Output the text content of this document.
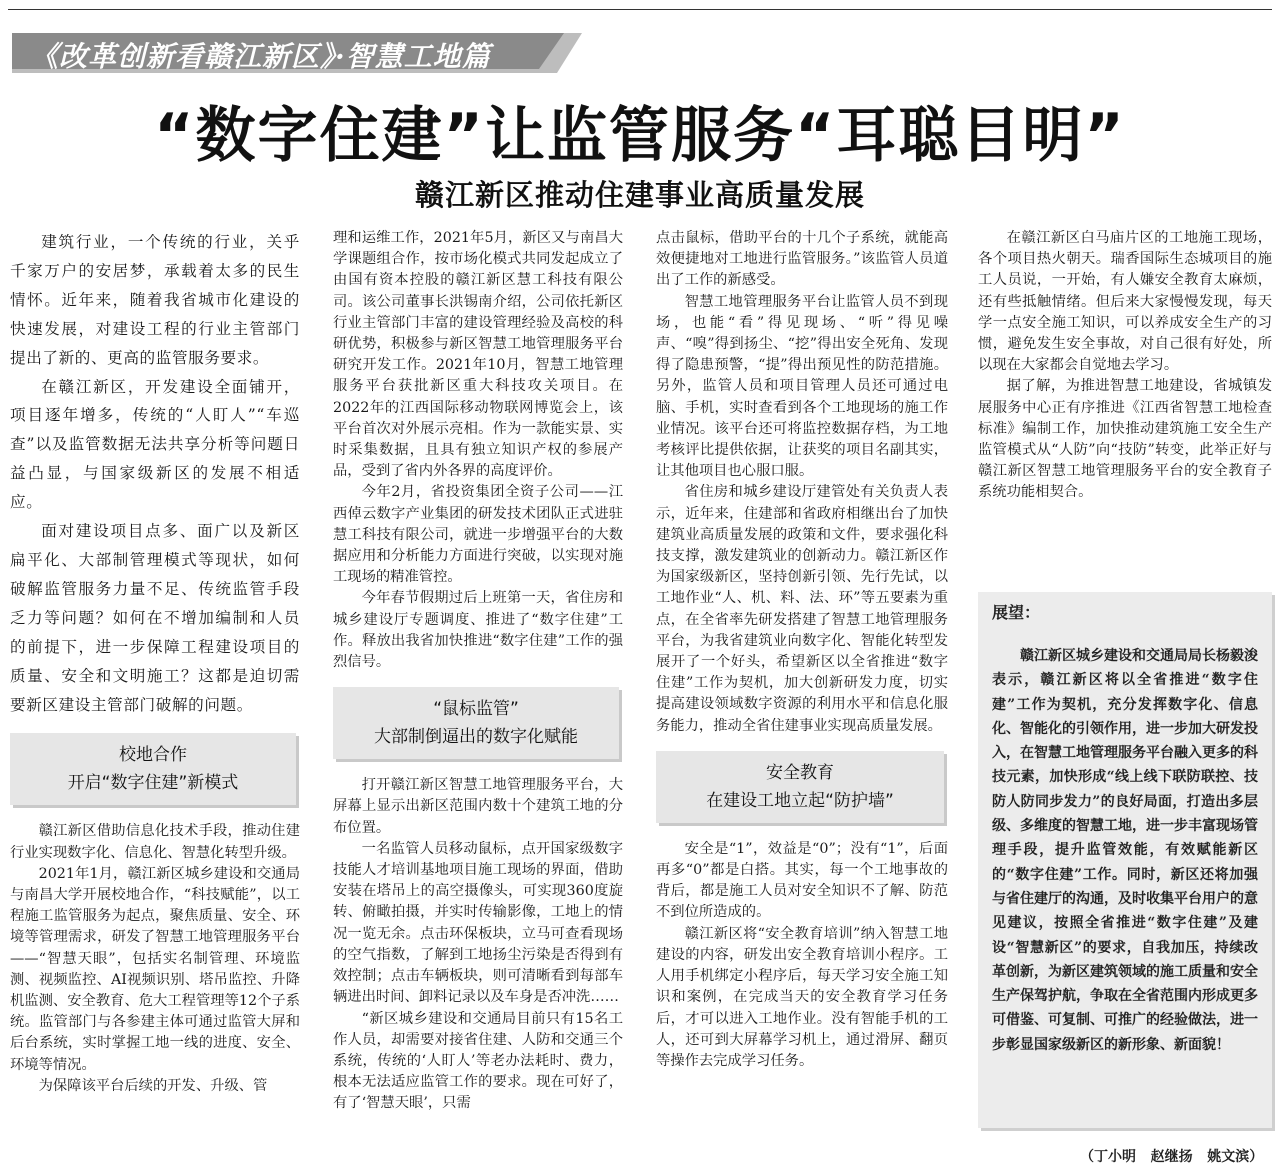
《改革创新看赣江新区》·智慧工地篇
“数字住建”让监管服务“耳聪目明”
赣江新区推动住建事业高质量发展

建筑行业，一个传统的行业，关乎千家万户的安居梦，承载着太多的民生情怀。近年来，随着我省城市化建设的快速发展，对建设工程的行业主管部门提出了新的、更高的监管服务要求。

在赣江新区，开发建设全面铺开，项目逐年增多，传统的“人盯人”“车巡查”以及监管数据无法共享分析等问题日益凸显，与国家级新区的发展不相适应。

面对建设项目点多、面广以及新区扁平化、大部制管理模式等现状，如何破解监管服务力量不足、传统监管手段乏力等问题？如何在不增加编制和人员的前提下，进一步保障工程建设项目的质量、安全和文明施工？这都是迫切需要新区建设主管部门破解的问题。

校地合作
开启“数字住建”新模式

赣江新区借助信息化技术手段，推动住建行业实现数字化、信息化、智慧化转型升级。

2021年1月，赣江新区城乡建设和交通局与南昌大学开展校地合作，“科技赋能”，以工程施工监管服务为起点，聚焦质量、安全、环境等管理需求，研发了智慧工地管理服务平台——“智慧天眼”，包括实名制管理、环境监测、视频监控、AI视频识别、塔吊监控、升降机监测、安全教育、危大工程管理等12个子系统。监管部门与各参建主体可通过监管大屏和后台系统，实时掌握工地一线的进度、安全、环境等情况。

为保障该平台后续的开发、升级、管

理和运维工作，2021年5月，新区又与南昌大学课题组合作，按市场化模式共同发起成立了由国有资本控股的赣江新区慧工科技有限公司。该公司董事长洪锡南介绍，公司依托新区行业主管部门丰富的建设管理经验及高校的科研优势，积极参与新区智慧工地管理服务平台研究开发工作。2021年10月，智慧工地管理服务平台获批新区重大科技攻关项目。在2022年的江西国际移动物联网博览会上，该平台首次对外展示亮相。作为一款能实景、实时采集数据，且具有独立知识产权的参展产品，受到了省内外各界的高度评价。

今年2月，省投资集团全资子公司——江西倬云数字产业集团的研发技术团队正式进驻慧工科技有限公司，就进一步增强平台的大数据应用和分析能力方面进行突破，以实现对施工现场的精准管控。

今年春节假期过后上班第一天，省住房和城乡建设厅专题调度、推进了“数字住建”工作。释放出我省加快推进“数字住建”工作的强烈信号。

“鼠标监管”
大部制倒逼出的数字化赋能

打开赣江新区智慧工地管理服务平台，大屏幕上显示出新区范围内数十个建筑工地的分布位置。

一名监管人员移动鼠标，点开国家级数字技能人才培训基地项目施工现场的界面，借助安装在塔吊上的高空摄像头，可实现360度旋转、俯瞰拍摄，并实时传输影像，工地上的情况一览无余。点击环保板块，立马可查看现场的空气指数，了解到工地扬尘污染是否得到有效控制；点击车辆板块，则可清晰看到每部车辆进出时间、卸料记录以及车身是否冲洗……

“新区城乡建设和交通局目前只有15名工作人员，却需要对接省住建、人防和交通三个系统，传统的‘人盯人’等老办法耗时、费力，根本无法适应监管工作的要求。现在可好了，有了‘智慧天眼’，只需

点击鼠标，借助平台的十几个子系统，就能高效便捷地对工地进行监管服务。”该监管人员道出了工作的新感受。

智慧工地管理服务平台让监管人员不到现场，也能“看”得见现场、“听”得见噪声、“嗅”得到扬尘、“挖”得出安全死角、发现得了隐患预警，“提”得出预见性的防范措施。另外，监管人员和项目管理人员还可通过电脑、手机，实时查看到各个工地现场的施工作业情况。该平台还可将监控数据存档，为工地考核评比提供依据，让获奖的项目名副其实，让其他项目也心服口服。

省住房和城乡建设厅建管处有关负责人表示，近年来，住建部和省政府相继出台了加快建筑业高质量发展的政策和文件，要求强化科技支撑，激发建筑业的创新动力。赣江新区作为国家级新区，坚持创新引领、先行先试，以工地作业“人、机、料、法、环”等五要素为重点，在全省率先研发搭建了智慧工地管理服务平台，为我省建筑业向数字化、智能化转型发展开了一个好头，希望新区以全省推进“数字住建”工作为契机，加大创新研发力度，切实提高建设领域数字资源的利用水平和信息化服务能力，推动全省住建事业实现高质量发展。

安全教育
在建设工地立起“防护墙”

安全是“1”，效益是“0”；没有“1”，后面再多“0”都是白搭。其实，每一个工地事故的背后，都是施工人员对安全知识不了解、防范不到位所造成的。

赣江新区将“安全教育培训”纳入智慧工地建设的内容，研发出安全教育培训小程序。工人用手机绑定小程序后，每天学习安全施工知识和案例，在完成当天的安全教育学习任务后，才可以进入工地作业。没有智能手机的工人，还可到大屏幕学习机上，通过滑屏、翻页等操作去完成学习任务。

在赣江新区白马庙片区的工地施工现场，各个项目热火朝天。瑞香国际生态城项目的施工人员说，一开始，有人嫌安全教育太麻烦，还有些抵触情绪。但后来大家慢慢发现，每天学一点安全施工知识，可以养成安全生产的习惯，避免发生安全事故，对自己很有好处，所以现在大家都会自觉地去学习。

据了解，为推进智慧工地建设，省城镇发展服务中心正有序推进《江西省智慧工地检查标准》编制工作，加快推动建筑施工安全生产监管模式从“人防”向“技防”转变，此举正好与赣江新区智慧工地管理服务平台的安全教育子系统功能相契合。

展望：

赣江新区城乡建设和交通局局长杨毅浚表示，赣江新区将以全省推进“数字住建”工作为契机，充分发挥数字化、信息化、智能化的引领作用，进一步加大研发投入，在智慧工地管理服务平台融入更多的科技元素，加快形成“线上线下联防联控、技防人防同步发力”的良好局面，打造出多层级、多维度的智慧工地，进一步丰富现场管理手段，提升监管效能，有效赋能新区的“数字住建”工作。同时，新区还将加强与省住建厅的沟通，及时收集平台用户的意见建议，按照全省推进“数字住建”及建设“智慧新区”的要求，自我加压，持续改革创新，为新区建筑领域的施工质量和安全生产保驾护航，争取在全省范围内形成更多可借鉴、可复制、可推广的经验做法，进一步彰显国家级新区的新形象、新面貌！

（丁小明   赵继扬   姚文滨）
